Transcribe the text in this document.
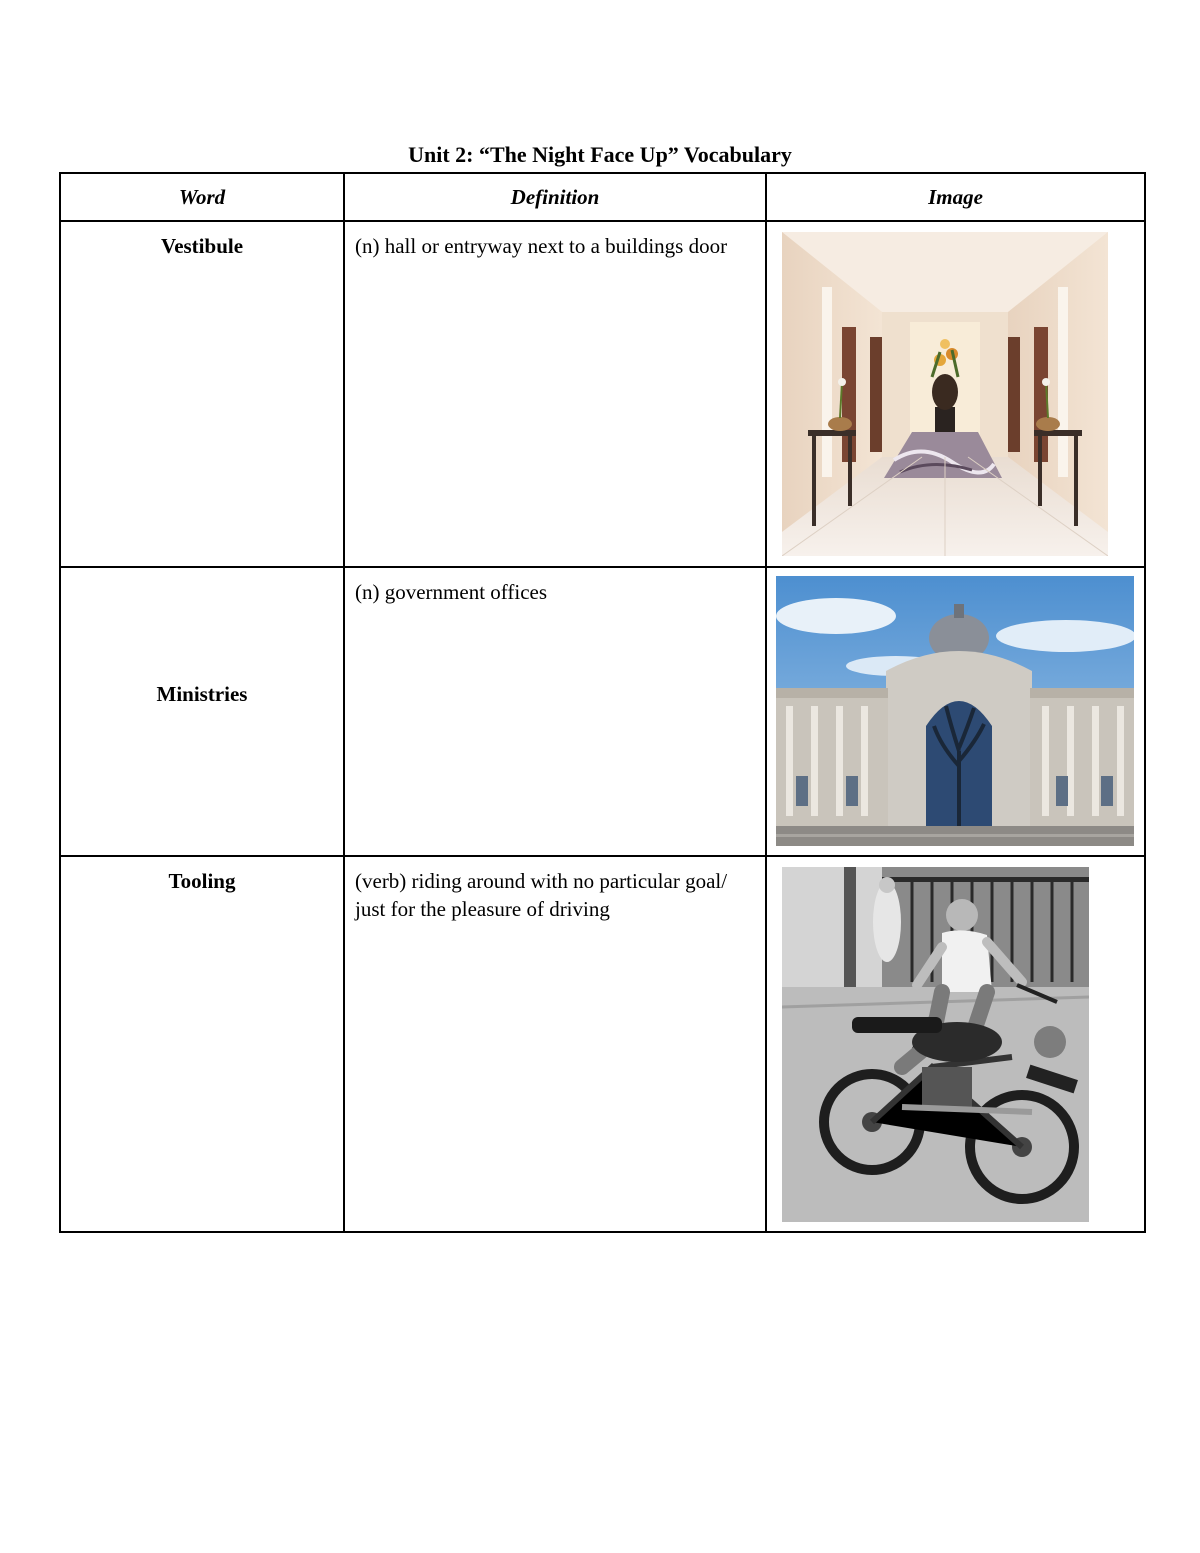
Unit 2: “The Night Face Up” Vocabulary
Word	Definition	Image

Vestibule	(n) hall or entryway next to a buildings door	

Ministries	(n) government offices	

Tooling	(verb) riding around with no particular goal/ just for the pleasure of driving	
